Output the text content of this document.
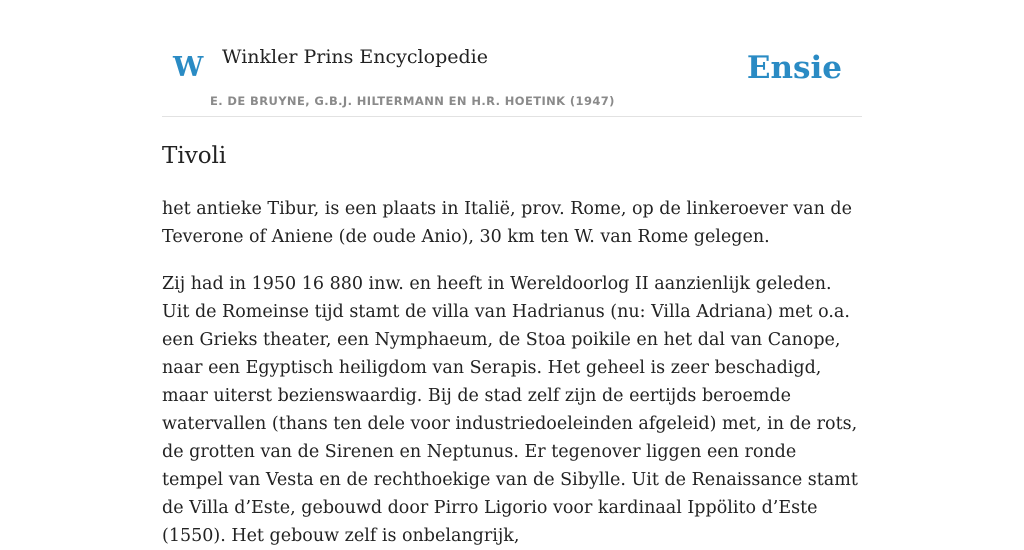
W Winkler Prins Encyclopedie
E. DE BRUYNE, G.B.J. HILTERMANN EN H.R. HOETINK (1947)
Ensie
Tivoli

het antieke Tibur, is een plaats in Italië, prov. Rome, op de linkeroever van de Teverone of Aniene (de oude Anio), 30 km ten W. van Rome gelegen.

Zij had in 1950 16 880 inw. en heeft in Wereldoorlog II aanzienlijk geleden. Uit de Romeinse tijd stamt de villa van Hadrianus (nu: Villa Adriana) met o.a. een Grieks theater, een Nymphaeum, de Stoa poikile en het dal van Canope, naar een Egyptisch heiligdom van Serapis. Het geheel is zeer beschadigd, maar uiterst bezienswaardig. Bij de stad zelf zijn de eertijds beroemde watervallen (thans ten dele voor industriedoeleinden afgeleid) met, in de rots, de grotten van de Sirenen en Neptunus. Er tegenover liggen een ronde tempel van Vesta en de rechthoekige van de Sibylle. Uit de Renaissance stamt de Villa d’Este, gebouwd door Pirro Ligorio voor kardinaal Ippölito d’Este (1550). Het gebouw zelf is onbelangrijk,
